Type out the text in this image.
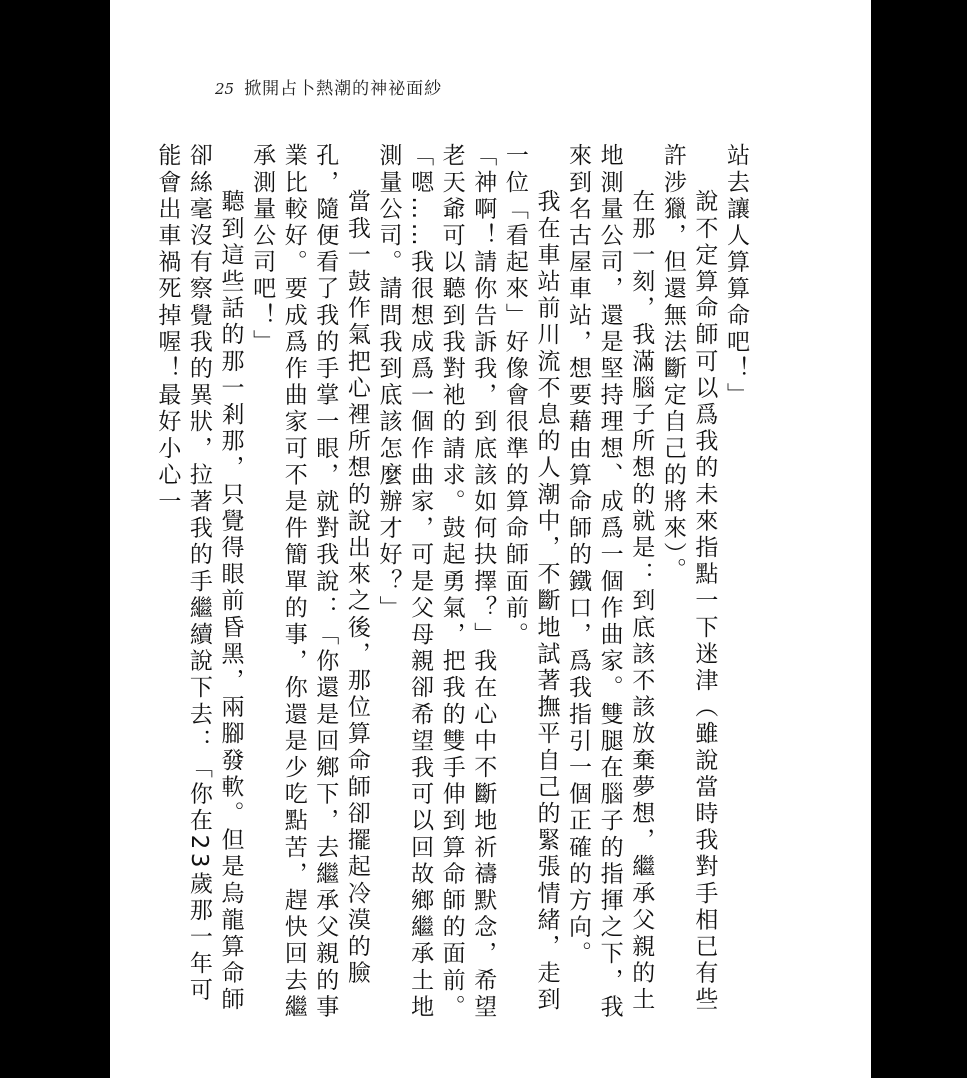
25 掀開占卜熱潮的神祕面紗

站去讓人算算命吧！」

說不定算命師可以爲我的未來指點一下迷津（雖說當時我對手相已有些許涉獵，但還無法斷定自己的將來）。

在那一刻，我滿腦子所想的就是：到底該不該放棄夢想，繼承父親的土地測量公司，還是堅持理想、成爲一個作曲家。雙腿在腦子的指揮之下，我來到名古屋車站，想要藉由算命師的鐵口，爲我指引一個正確的方向。

我在車站前川流不息的人潮中，不斷地試著撫平自己的緊張情緒，走到一位「看起來」好像會很準的算命師面前。

「神啊！請你告訴我，到底該如何抉擇？」我在心中不斷地祈禱默念，希望老天爺可以聽到我對祂的請求。鼓起勇氣，把我的雙手伸到算命師的面前。「嗯……我很想成爲一個作曲家，可是父母親卻希望我可以回故鄉繼承土地測量公司。請問我到底該怎麼辦才好？」

當我一鼓作氣把心裡所想的說出來之後，那位算命師卻擺起冷漠的臉孔，隨便看了我的手掌一眼，就對我說：「你還是回鄉下，去繼承父親的事業比較好。要成爲作曲家可不是件簡單的事，你還是少吃點苦，趕快回去繼承測量公司吧！」

聽到這些話的那一剎那，只覺得眼前昏黑，兩腳發軟。但是烏龍算命師卻絲毫沒有察覺我的異狀，拉著我的手繼續說下去：「你在23歲那一年可能會出車禍死掉喔！最好小心一
